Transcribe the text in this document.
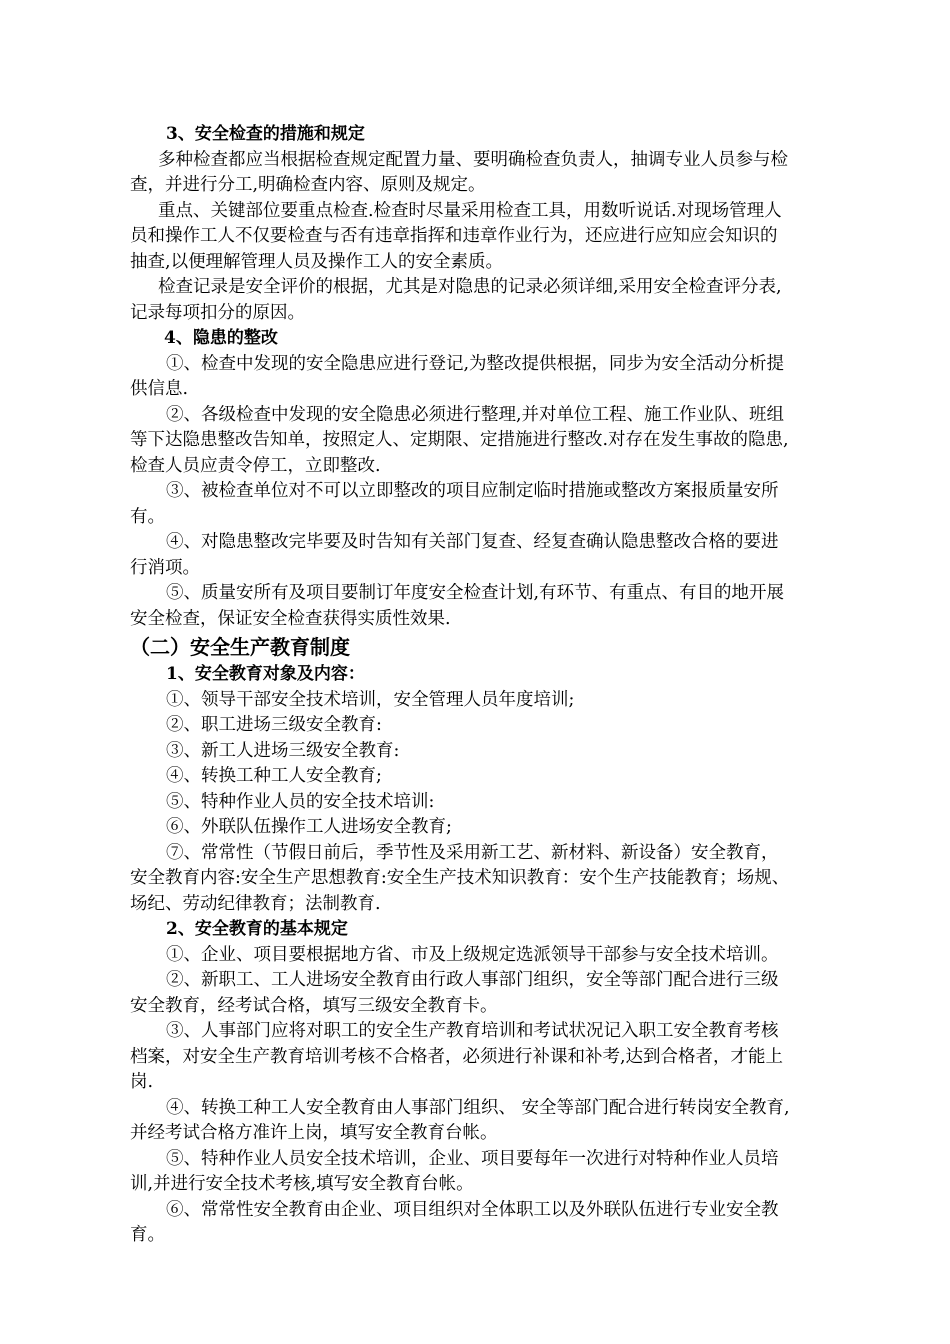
3、安全检查的措施和规定

多种检查都应当根据检查规定配置力量、要明确检查负责人，抽调专业人员参与检

查，并进行分工,明确检查内容、原则及规定。

重点、关键部位要重点检查.检查时尽量采用检查工具，用数听说话.对现场管理人

员和操作工人不仅要检查与否有违章指挥和违章作业行为，还应进行应知应会知识的

抽查,以便理解管理人员及操作工人的安全素质。

检查记录是安全评价的根据，尤其是对隐患的记录必须详细,采用安全检查评分表,

记录每项扣分的原因。

4、隐患的整改

①、检查中发现的安全隐患应进行登记,为整改提供根据，同步为安全活动分析提

供信息.

②、各级检查中发现的安全隐患必须进行整理,并对单位工程、施工作业队、班组

等下达隐患整改告知单，按照定人、定期限、定措施进行整改.对存在发生事故的隐患,

检查人员应责令停工，立即整改.

③、被检查单位对不可以立即整改的项目应制定临时措施或整改方案报质量安所

有。

④、对隐患整改完毕要及时告知有关部门复查、经复查确认隐患整改合格的要进

行消项。

⑤、质量安所有及项目要制订年度安全检查计划,有环节、有重点、有目的地开展

安全检查，保证安全检查获得实质性效果.

（二）安全生产教育制度

1、安全教育对象及内容：

①、领导干部安全技术培训，安全管理人员年度培训;

②、职工进场三级安全教育:

③、新工人进场三级安全教育:

④、转换工种工人安全教育;

⑤、特种作业人员的安全技术培训:

⑥、外联队伍操作工人进场安全教育;

⑦、常常性（节假日前后，季节性及采用新工艺、新材料、新设备）安全教育，

安全教育内容:安全生产思想教育:安全生产技术知识教育：安个生产技能教育；场规、

场纪、劳动纪律教育；法制教育.

2、安全教育的基本规定

①、企业、项目要根据地方省、市及上级规定选派领导干部参与安全技术培训。

②、新职工、工人进场安全教育由行政人事部门组织，安全等部门配合进行三级

安全教育，经考试合格，填写三级安全教育卡。

③、人事部门应将对职工的安全生产教育培训和考试状况记入职工安全教育考核

档案，对安全生产教育培训考核不合格者，必须进行补课和补考,达到合格者，才能上

岗.

④、转换工种工人安全教育由人事部门组织、 安全等部门配合进行转岗安全教育,

并经考试合格方准许上岗，填写安全教育台帐。

⑤、特种作业人员安全技术培训，企业、项目要每年一次进行对特种作业人员培

训,并进行安全技术考核,填写安全教育台帐。

⑥、常常性安全教育由企业、项目组织对全体职工以及外联队伍进行专业安全教

育。
